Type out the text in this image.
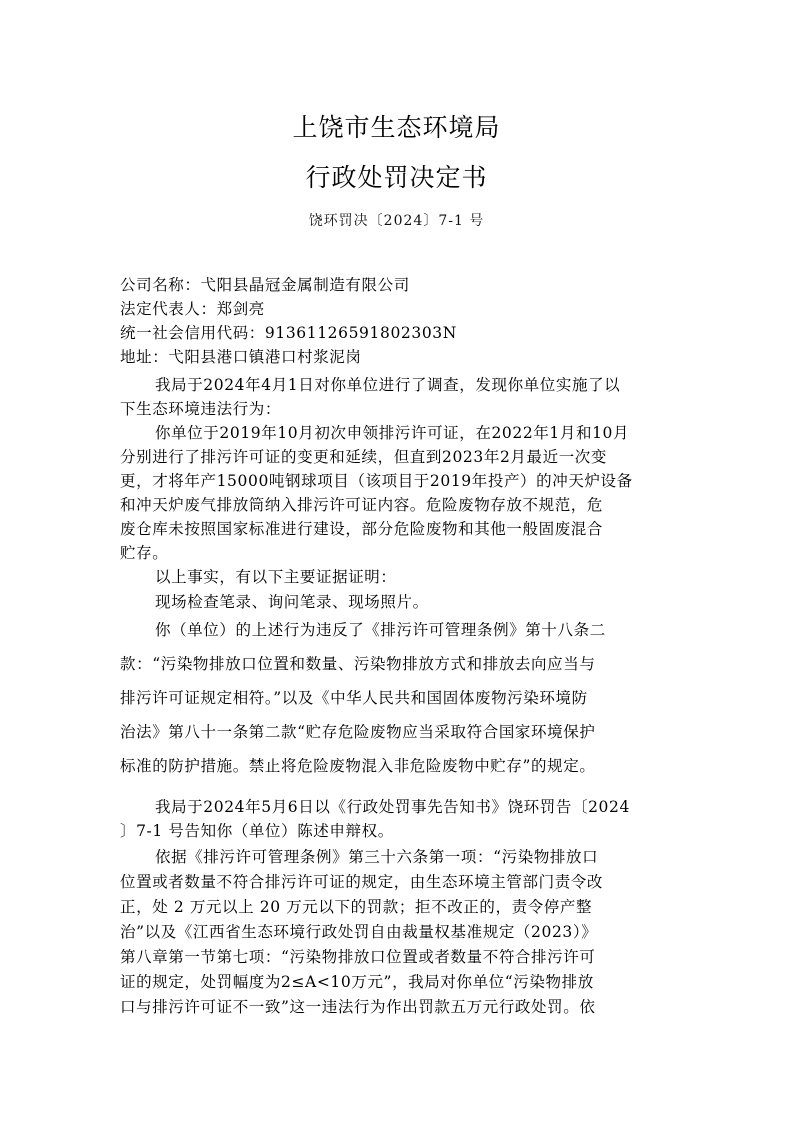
上饶市生态环境局
行政处罚决定书
饶环罚决〔2024〕7-1 号
公司名称：弋阳县晶冠金属制造有限公司
法定代表人：郑剑亮
统一社会信用代码：91361126591802303N
地址：弋阳县港口镇港口村浆泥岗
我局于2024年4月1日对你单位进行了调查，发现你单位实施了以
下生态环境违法行为：
你单位于2019年10月初次申领排污许可证，在2022年1月和10月
分别进行了排污许可证的变更和延续，但直到2023年2月最近一次变
更，才将年产15000吨钢球项目（该项目于2019年投产）的冲天炉设备
和冲天炉废气排放筒纳入排污许可证内容。危险废物存放不规范，危
废仓库未按照国家标准进行建设，部分危险废物和其他一般固废混合
贮存。
以上事实，有以下主要证据证明：
现场检查笔录、询问笔录、现场照片。
你（单位）的上述行为违反了《排污许可管理条例》第十八条二
款：“污染物排放口位置和数量、污染物排放方式和排放去向应当与
排污许可证规定相符。”以及《中华人民共和国固体废物污染环境防
治法》第八十一条第二款“贮存危险废物应当采取符合国家环境保护
标准的防护措施。禁止将危险废物混入非危险废物中贮存”的规定。
我局于2024年5月6日以《行政处罚事先告知书》饶环罚告〔2024
〕7-1 号告知你（单位）陈述申辩权。
依据《排污许可管理条例》第三十六条第一项：“污染物排放口
位置或者数量不符合排污许可证的规定，由生态环境主管部门责令改
正，处 2 万元以上 20 万元以下的罚款；拒不改正的，责令停产整
治”以及《江西省生态环境行政处罚自由裁量权基准规定（2023）》
第八章第一节第七项：“污染物排放口位置或者数量不符合排污许可
证的规定，处罚幅度为2≤A<10万元”，我局对你单位“污染物排放
口与排污许可证不一致”这一违法行为作出罚款五万元行政处罚。依
